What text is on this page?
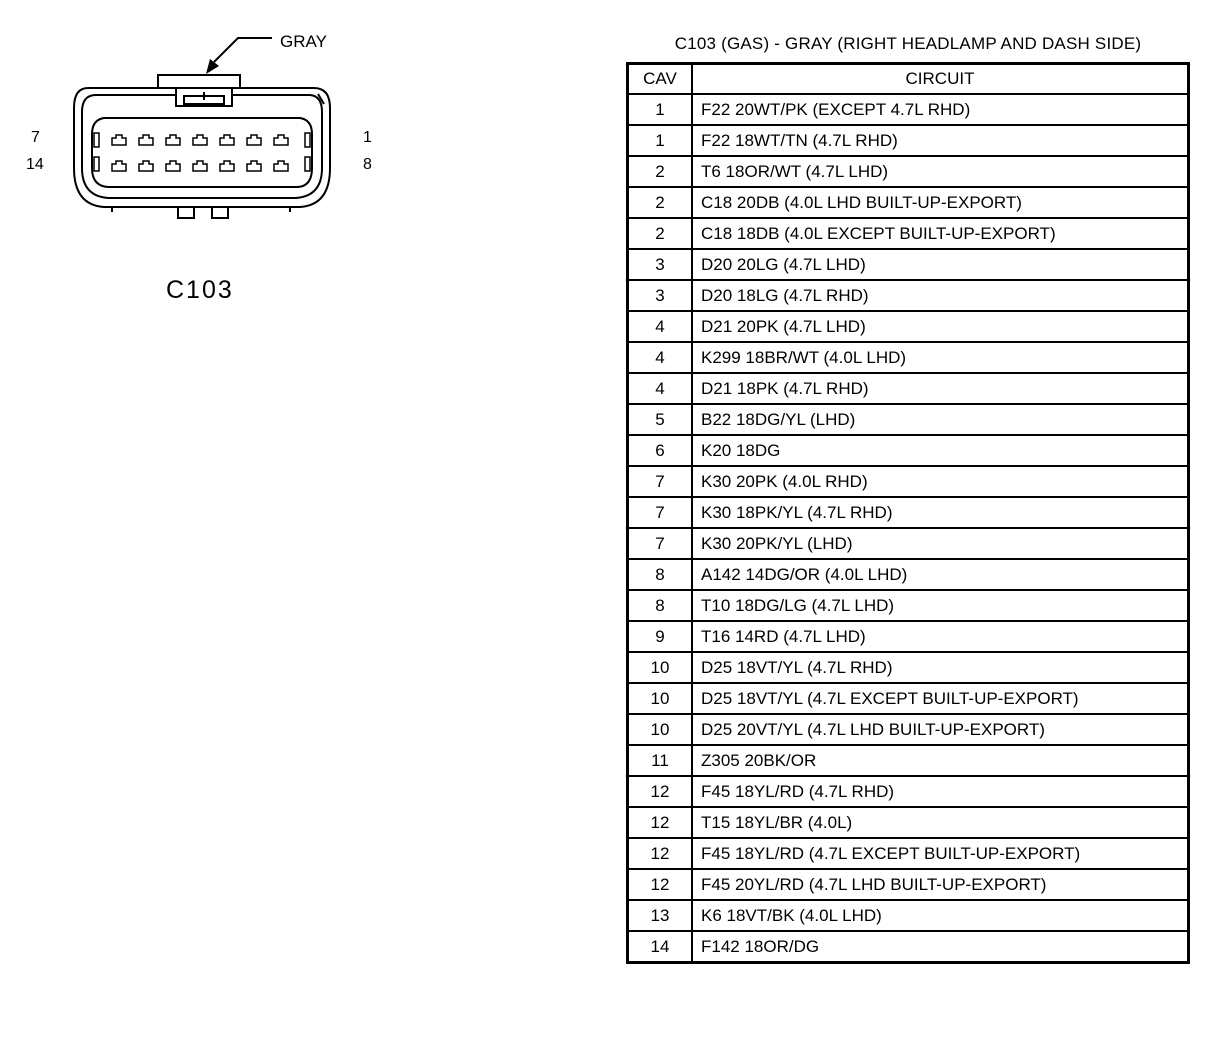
GRAY
7
14
1
8
C103
C103 (GAS) - GRAY (RIGHT HEADLAMP AND DASH SIDE)
CAV	CIRCUIT
1	F22 20WT/PK (EXCEPT 4.7L RHD)
1	F22 18WT/TN (4.7L RHD)
2	T6 18OR/WT (4.7L LHD)
2	C18 20DB (4.0L LHD BUILT-UP-EXPORT)
2	C18 18DB (4.0L EXCEPT BUILT-UP-EXPORT)
3	D20 20LG (4.7L LHD)
3	D20 18LG (4.7L RHD)
4	D21 20PK (4.7L LHD)
4	K299 18BR/WT (4.0L LHD)
4	D21 18PK (4.7L RHD)
5	B22 18DG/YL (LHD)
6	K20 18DG
7	K30 20PK (4.0L RHD)
7	K30 18PK/YL (4.7L RHD)
7	K30 20PK/YL (LHD)
8	A142 14DG/OR (4.0L LHD)
8	T10 18DG/LG (4.7L LHD)
9	T16 14RD (4.7L LHD)
10	D25 18VT/YL (4.7L RHD)
10	D25 18VT/YL (4.7L EXCEPT BUILT-UP-EXPORT)
10	D25 20VT/YL (4.7L LHD BUILT-UP-EXPORT)
11	Z305 20BK/OR
12	F45 18YL/RD (4.7L RHD)
12	T15 18YL/BR (4.0L)
12	F45 18YL/RD (4.7L EXCEPT BUILT-UP-EXPORT)
12	F45 20YL/RD (4.7L LHD BUILT-UP-EXPORT)
13	K6 18VT/BK (4.0L LHD)
14	F142 18OR/DG
